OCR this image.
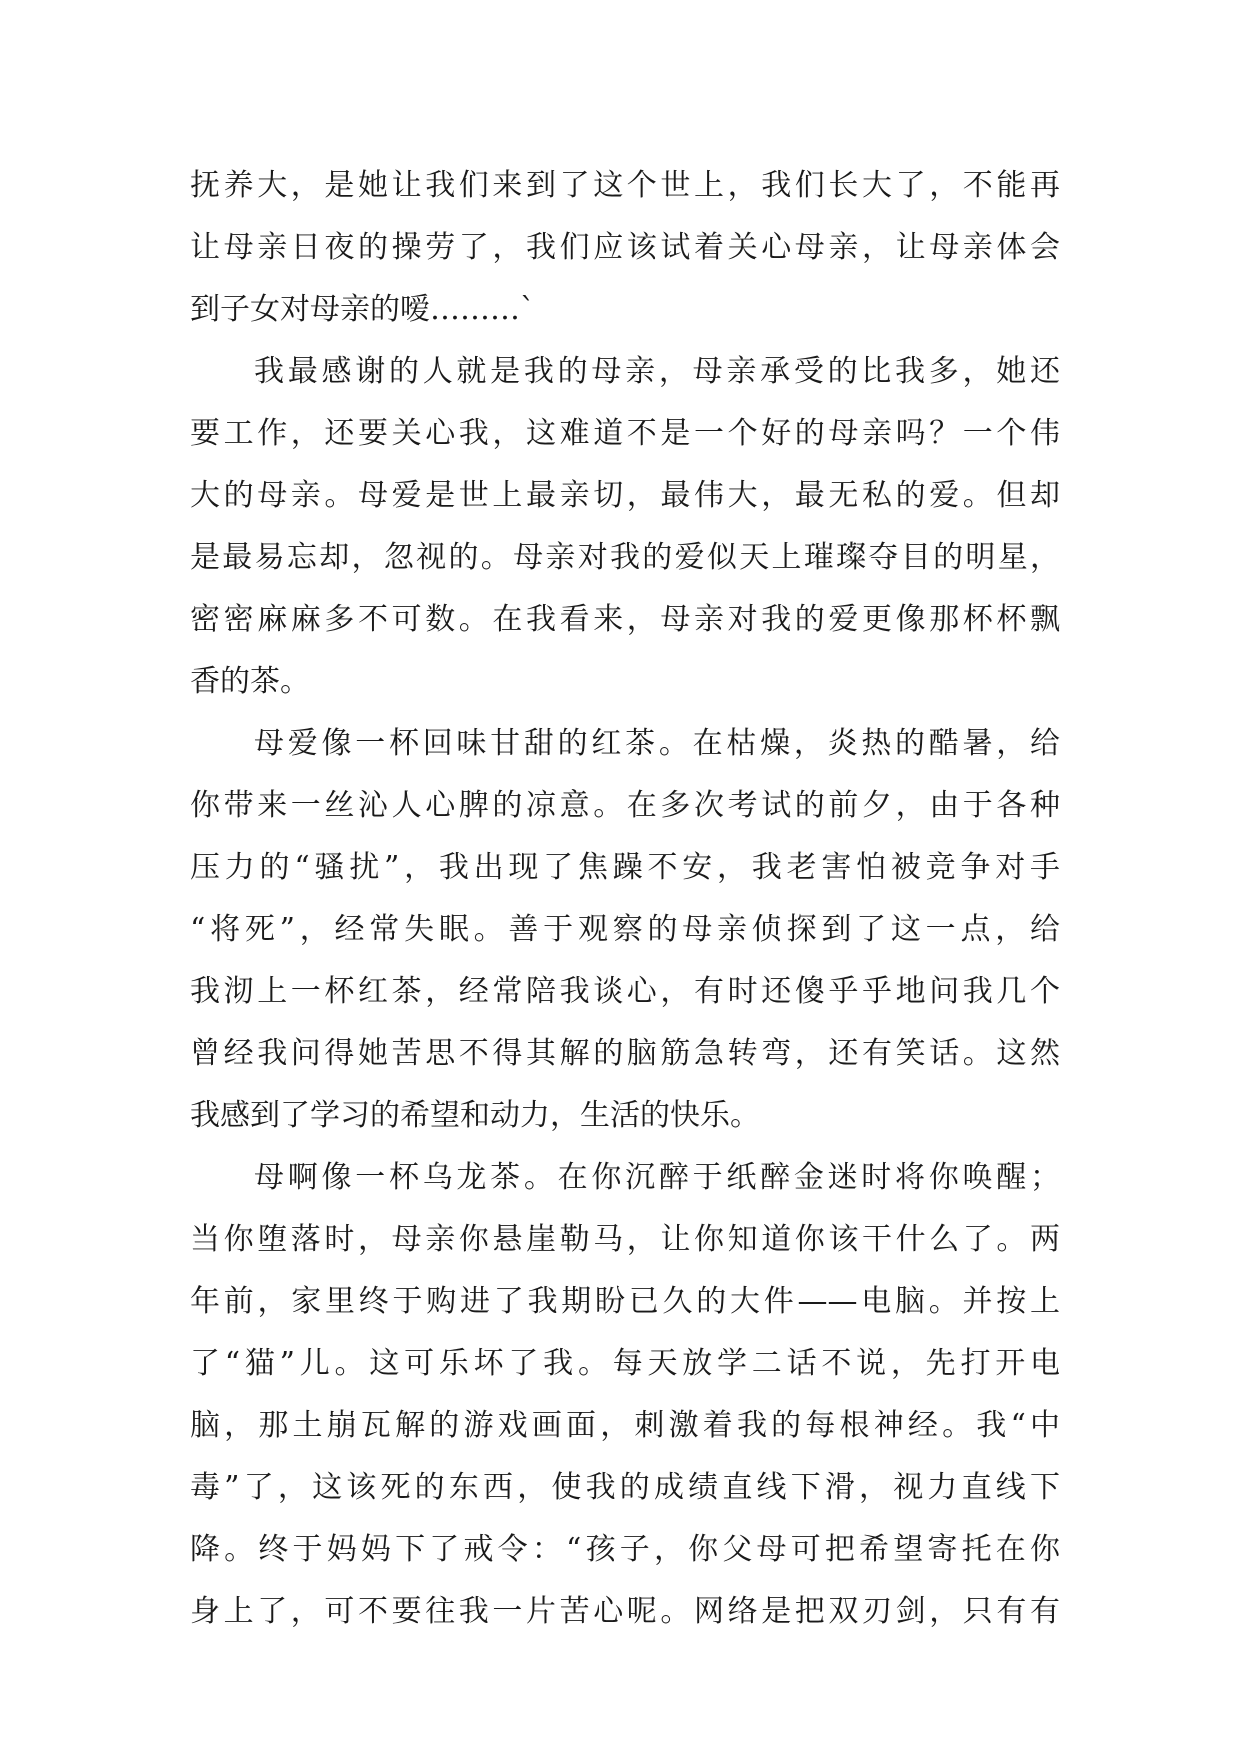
抚养大，是她让我们来到了这个世上，我们长大了，不能再
让母亲日夜的操劳了，我们应该试着关心母亲，让母亲体会
到子女对母亲的嗳………`
我最感谢的人就是我的母亲，母亲承受的比我多，她还
要工作，还要关心我，这难道不是一个好的母亲吗？一个伟
大的母亲。母爱是世上最亲切，最伟大，最无私的爱。但却
是最易忘却，忽视的。母亲对我的爱似天上璀璨夺目的明星，
密密麻麻多不可数。在我看来，母亲对我的爱更像那杯杯飘
香的茶。
母爱像一杯回味甘甜的红茶。在枯燥，炎热的酷暑，给
你带来一丝沁人心脾的凉意。在多次考试的前夕，由于各种
压力的“骚扰”，我出现了焦躁不安，我老害怕被竞争对手
“将死”，经常失眠。善于观察的母亲侦探到了这一点，给
我沏上一杯红茶，经常陪我谈心，有时还傻乎乎地问我几个
曾经我问得她苦思不得其解的脑筋急转弯，还有笑话。这然
我感到了学习的希望和动力，生活的快乐。
母啊像一杯乌龙茶。在你沉醉于纸醉金迷时将你唤醒；
当你堕落时，母亲你悬崖勒马，让你知道你该干什么了。两
年前，家里终于购进了我期盼已久的大件——电脑。并按上
了“猫”儿。这可乐坏了我。每天放学二话不说，先打开电
脑，那土崩瓦解的游戏画面，刺激着我的每根神经。我“中
毒”了，这该死的东西，使我的成绩直线下滑，视力直线下
降。终于妈妈下了戒令：“孩子，你父母可把希望寄托在你
身上了，可不要往我一片苦心呢。网络是把双刃剑，只有有
